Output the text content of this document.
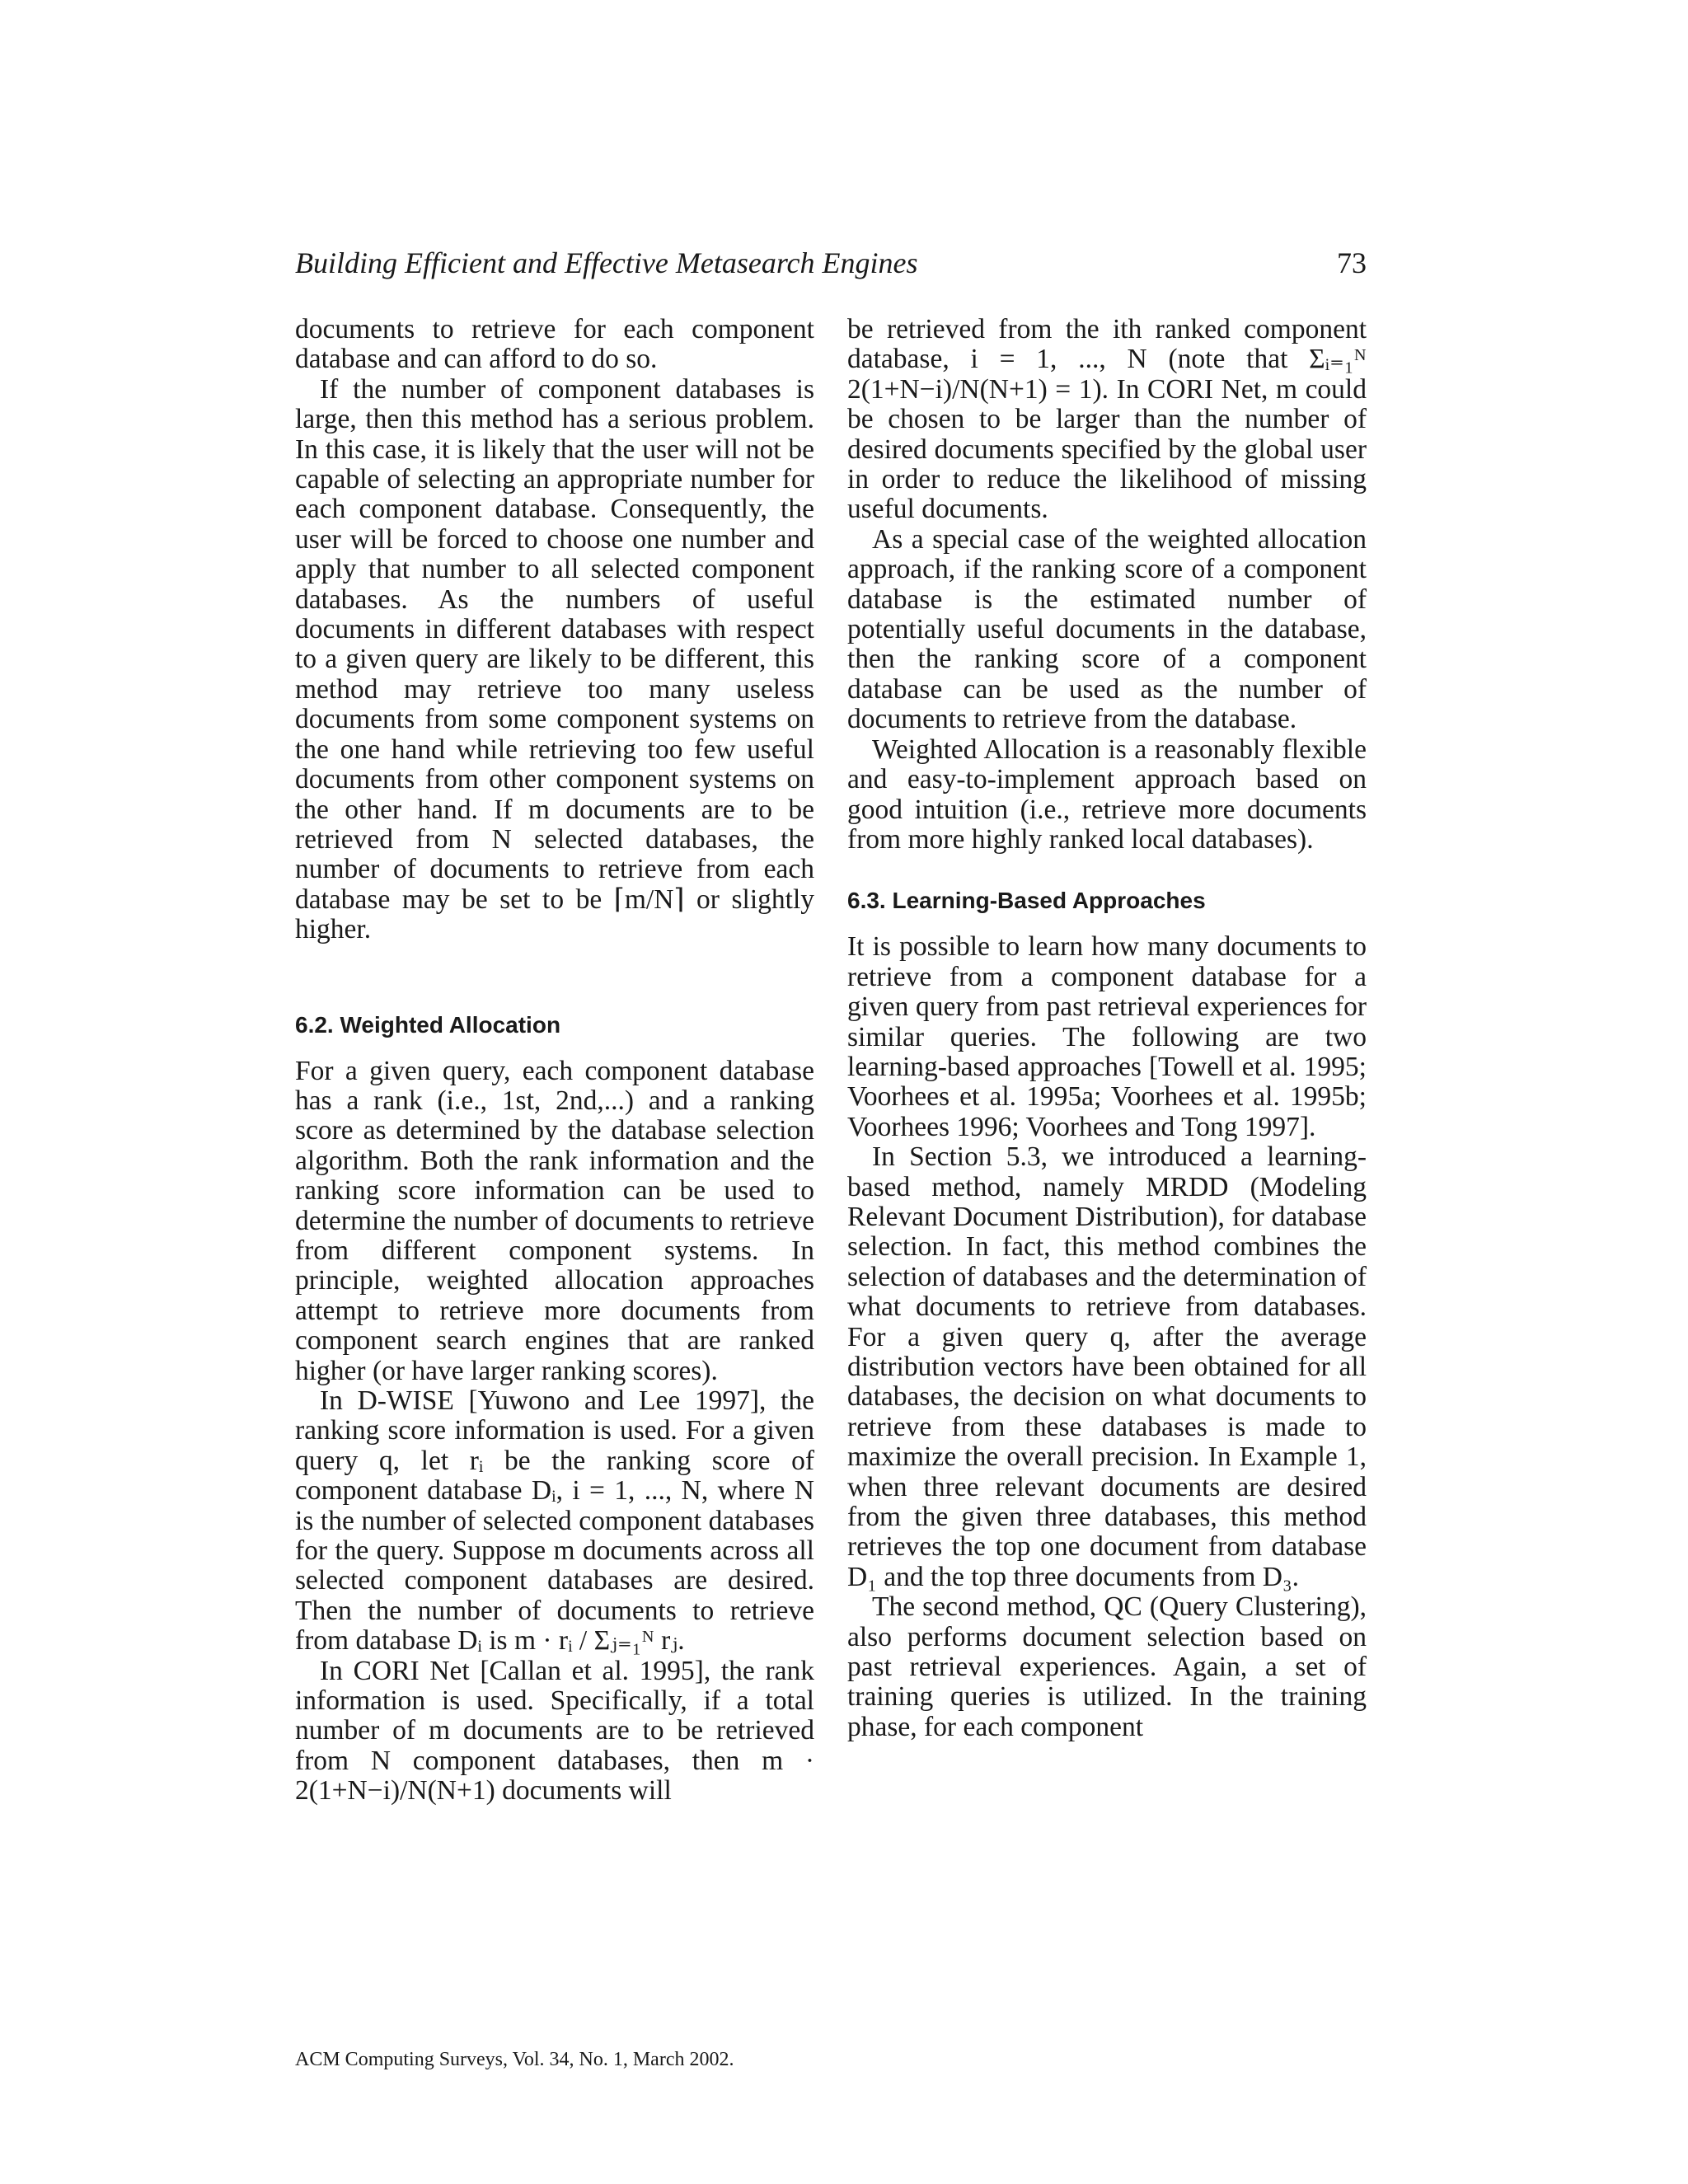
Building Efficient and Effective Metasearch Engines	73

documents to retrieve for each component database and can afford to do so.

If the number of component databases is large, then this method has a serious problem. In this case, it is likely that the user will not be capable of selecting an appropriate number for each component database. Consequently, the user will be forced to choose one number and apply that number to all selected component databases. As the numbers of useful documents in different databases with respect to a given query are likely to be different, this method may retrieve too many useless documents from some component systems on the one hand while retrieving too few useful documents from other component systems on the other hand. If m documents are to be retrieved from N selected databases, the number of documents to retrieve from each database may be set to be ⌈m/N⌉ or slightly higher.

6.2. Weighted Allocation

For a given query, each component database has a rank (i.e., 1st, 2nd,...) and a ranking score as determined by the database selection algorithm. Both the rank information and the ranking score information can be used to determine the number of documents to retrieve from different component systems. In principle, weighted allocation approaches attempt to retrieve more documents from component search engines that are ranked higher (or have larger ranking scores).

In D-WISE [Yuwono and Lee 1997], the ranking score information is used. For a given query q, let rᵢ be the ranking score of component database Dᵢ, i = 1, ..., N, where N is the number of selected component databases for the query. Suppose m documents across all selected component databases are desired. Then the number of documents to retrieve from database Dᵢ is m · rᵢ / Σⱼ₌₁ᴺ rⱼ.

In CORI Net [Callan et al. 1995], the rank information is used. Specifically, if a total number of m documents are to be retrieved from N component databases, then m · 2(1+N−i)/N(N+1) documents will

be retrieved from the ith ranked component database, i = 1, ..., N (note that Σᵢ₌₁ᴺ 2(1+N−i)/N(N+1) = 1). In CORI Net, m could be chosen to be larger than the number of desired documents specified by the global user in order to reduce the likelihood of missing useful documents.

As a special case of the weighted allocation approach, if the ranking score of a component database is the estimated number of potentially useful documents in the database, then the ranking score of a component database can be used as the number of documents to retrieve from the database.

Weighted Allocation is a reasonably flexible and easy-to-implement approach based on good intuition (i.e., retrieve more documents from more highly ranked local databases).

6.3. Learning-Based Approaches

It is possible to learn how many documents to retrieve from a component database for a given query from past retrieval experiences for similar queries. The following are two learning-based approaches [Towell et al. 1995; Voorhees et al. 1995a; Voorhees et al. 1995b; Voorhees 1996; Voorhees and Tong 1997].

In Section 5.3, we introduced a learning-based method, namely MRDD (Modeling Relevant Document Distribution), for database selection. In fact, this method combines the selection of databases and the determination of what documents to retrieve from databases. For a given query q, after the average distribution vectors have been obtained for all databases, the decision on what documents to retrieve from these databases is made to maximize the overall precision. In Example 1, when three relevant documents are desired from the given three databases, this method retrieves the top one document from database D₁ and the top three documents from D₃.

The second method, QC (Query Clustering), also performs document selection based on past retrieval experiences. Again, a set of training queries is utilized. In the training phase, for each component

ACM Computing Surveys, Vol. 34, No. 1, March 2002.
